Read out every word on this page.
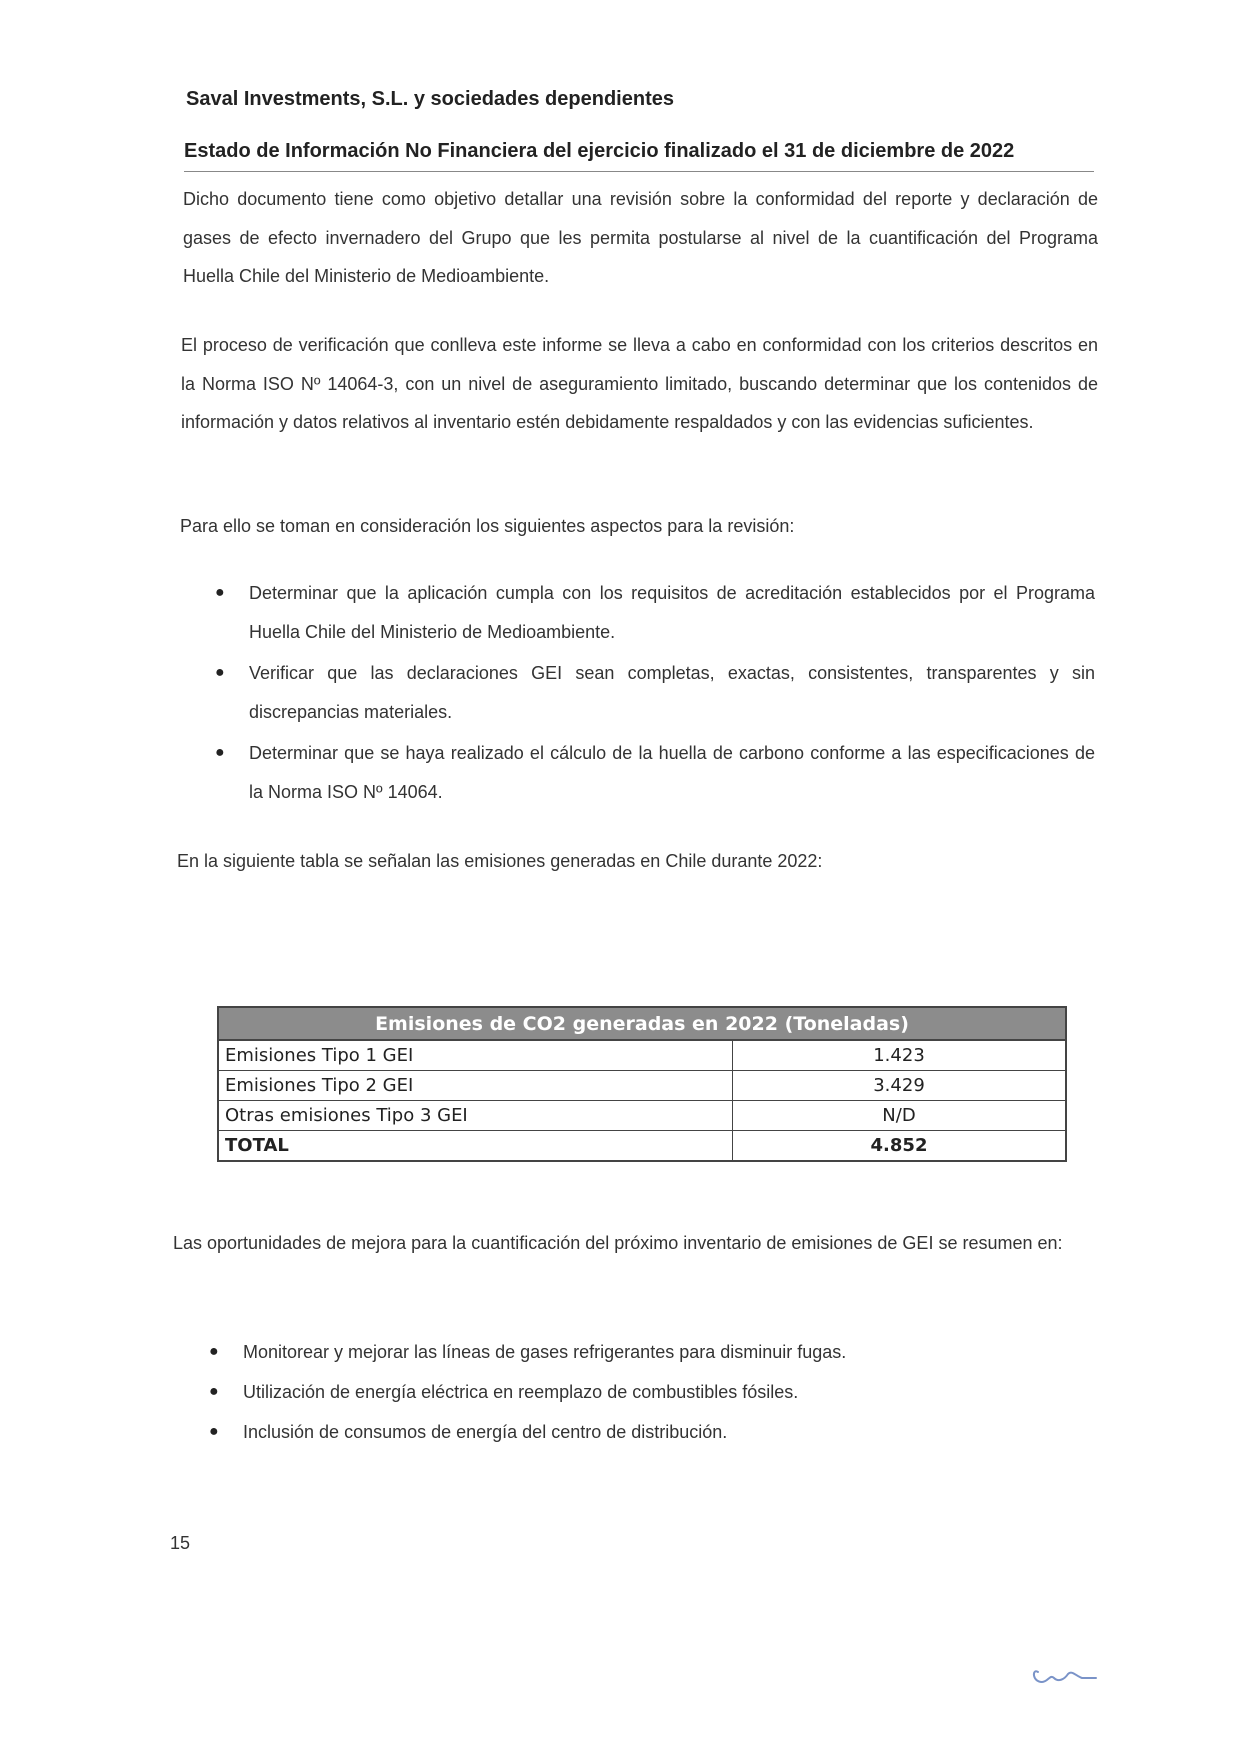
Saval Investments, S.L. y sociedades dependientes
Estado de Información No Financiera del ejercicio finalizado el 31 de diciembre de 2022
Dicho documento tiene como objetivo detallar una revisión sobre la conformidad del reporte y declaración de gases de efecto invernadero del Grupo que les permita postularse al nivel de la cuantificación del Programa Huella Chile del Ministerio de Medioambiente.
El proceso de verificación que conlleva este informe se lleva a cabo en conformidad con los criterios descritos en la Norma ISO Nº 14064-3, con un nivel de aseguramiento limitado, buscando determinar que los contenidos de información y datos relativos al inventario estén debidamente respaldados y con las evidencias suficientes.
Para ello se toman en consideración los siguientes aspectos para la revisión:
● Determinar que la aplicación cumpla con los requisitos de acreditación establecidos por el Programa Huella Chile del Ministerio de Medioambiente.
● Verificar que las declaraciones GEI sean completas, exactas, consistentes, transparentes y sin discrepancias materiales.
● Determinar que se haya realizado el cálculo de la huella de carbono conforme a las especificaciones de la Norma ISO Nº 14064.
En la siguiente tabla se señalan las emisiones generadas en Chile durante 2022:
Emisiones de CO2 generadas en 2022 (Toneladas)	
Emisiones Tipo 1 GEI	1.423
Emisiones Tipo 2 GEI	3.429
Otras emisiones Tipo 3 GEI	N/D
TOTAL	4.852
Las oportunidades de mejora para la cuantificación del próximo inventario de emisiones de GEI se resumen en:
● Monitorear y mejorar las líneas de gases refrigerantes para disminuir fugas.
● Utilización de energía eléctrica en reemplazo de combustibles fósiles.
● Inclusión de consumos de energía del centro de distribución.
15
